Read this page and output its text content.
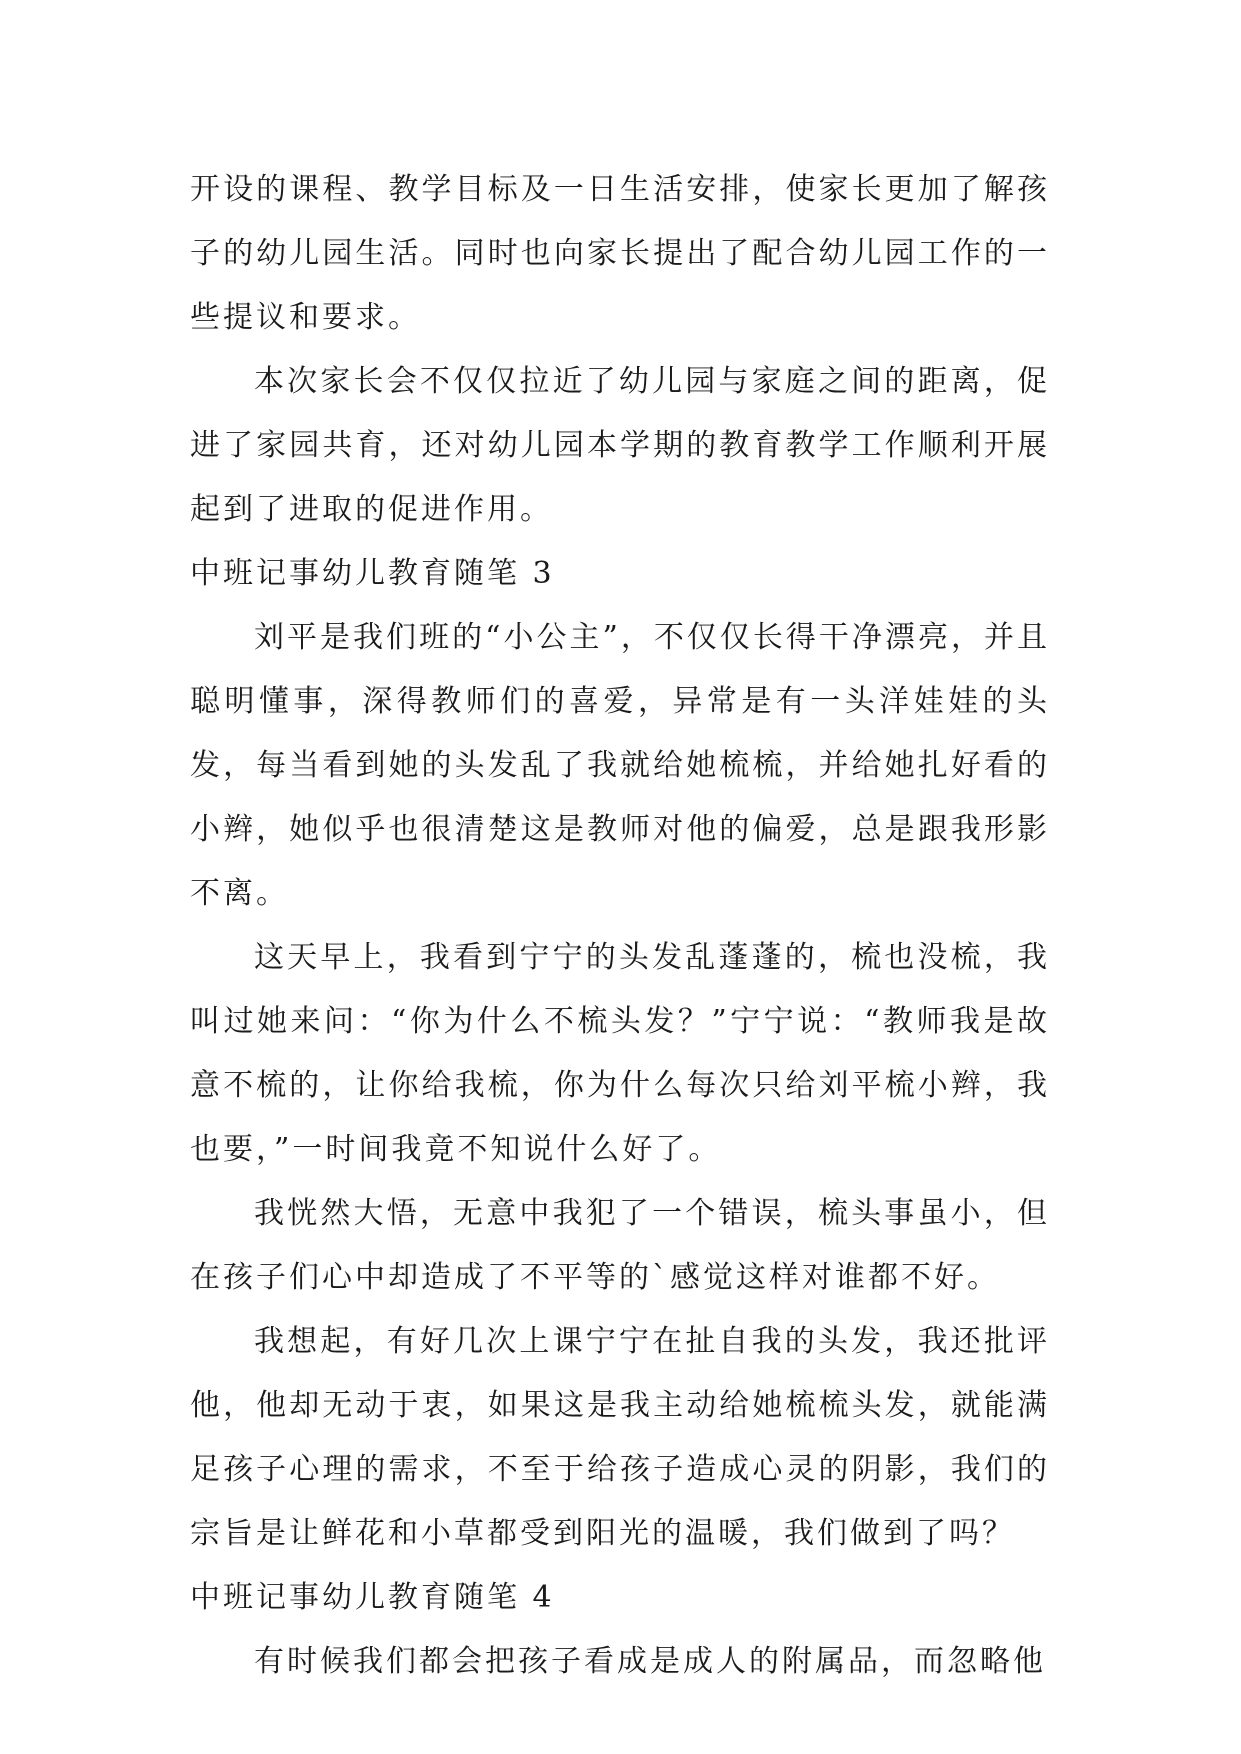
开设的课程、教学目标及一日生活安排，使家长更加了解孩子的幼儿园生活。同时也向家长提出了配合幼儿园工作的一些提议和要求。

本次家长会不仅仅拉近了幼儿园与家庭之间的距离，促进了家园共育，还对幼儿园本学期的教育教学工作顺利开展起到了进取的促进作用。

中班记事幼儿教育随笔 3

刘平是我们班的“小公主”，不仅仅长得干净漂亮，并且聪明懂事，深得教师们的喜爱，异常是有一头洋娃娃的头发，每当看到她的头发乱了我就给她梳梳，并给她扎好看的小辫，她似乎也很清楚这是教师对他的偏爱，总是跟我形影不离。

这天早上，我看到宁宁的头发乱蓬蓬的，梳也没梳，我叫过她来问：“你为什么不梳头发？”宁宁说：“教师我是故意不梳的，让你给我梳，你为什么每次只给刘平梳小辫，我也要，”一时间我竟不知说什么好了。

我恍然大悟，无意中我犯了一个错误，梳头事虽小，但在孩子们心中却造成了不平等的`感觉这样对谁都不好。

我想起，有好几次上课宁宁在扯自我的头发，我还批评他，他却无动于衷，如果这是我主动给她梳梳头发，就能满足孩子心理的需求，不至于给孩子造成心灵的阴影，我们的宗旨是让鲜花和小草都受到阳光的温暖，我们做到了吗？

中班记事幼儿教育随笔 4

有时候我们都会把孩子看成是成人的附属品，而忽略他
